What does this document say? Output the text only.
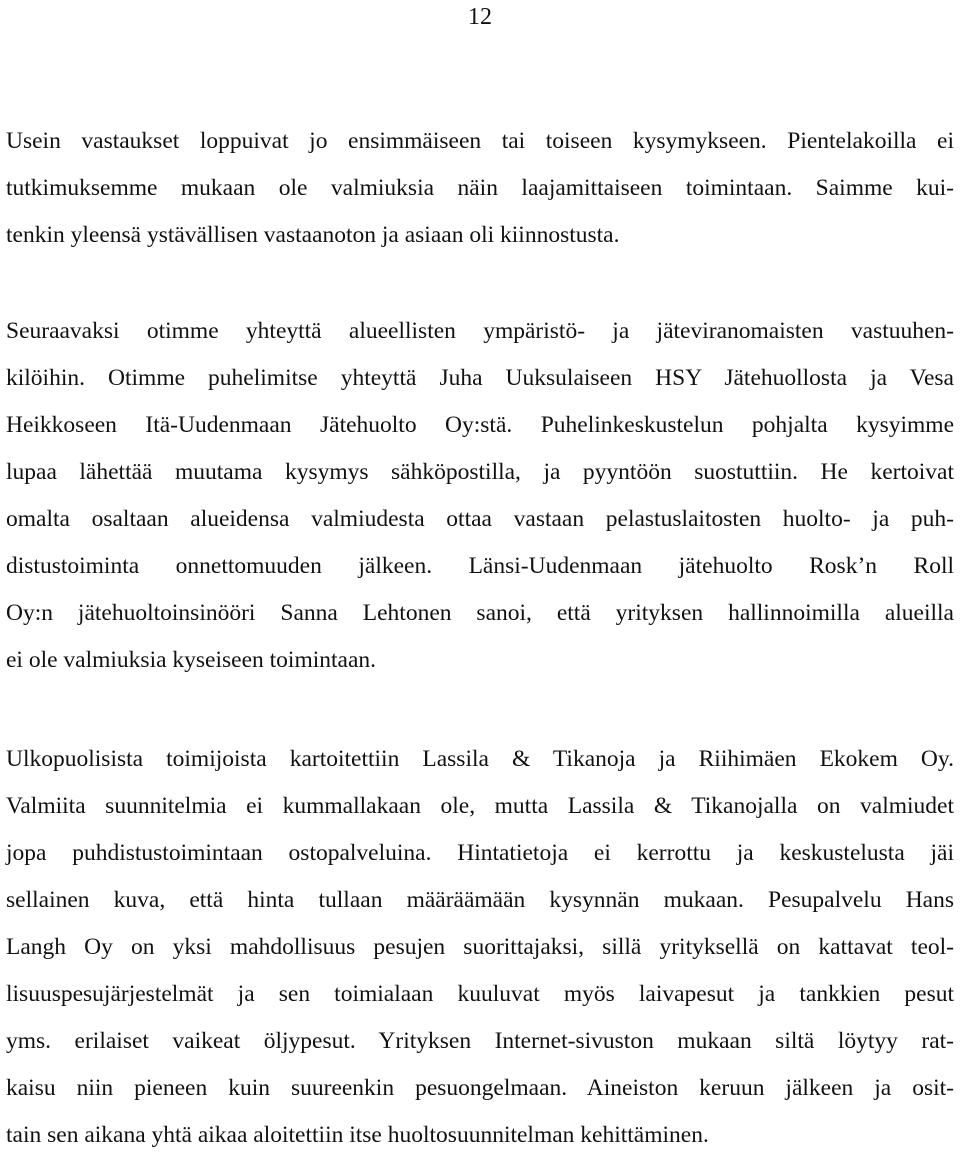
12
Usein vastaukset loppuivat jo ensimmäiseen tai toiseen kysymykseen. Pientelakoilla ei
tutkimuksemme mukaan ole valmiuksia näin laajamittaiseen toimintaan. Saimme kui-
tenkin yleensä ystävällisen vastaanoton ja asiaan oli kiinnostusta.
Seuraavaksi otimme yhteyttä alueellisten ympäristö- ja jäteviranomaisten vastuuhen-
kilöihin. Otimme puhelimitse yhteyttä Juha Uuksulaiseen HSY Jätehuollosta ja Vesa
Heikkoseen Itä-Uudenmaan Jätehuolto Oy:stä. Puhelinkeskustelun pohjalta kysyimme
lupaa lähettää muutama kysymys sähköpostilla, ja pyyntöön suostuttiin. He kertoivat
omalta osaltaan alueidensa valmiudesta ottaa vastaan pelastuslaitosten huolto- ja puh-
distustoiminta onnettomuuden jälkeen. Länsi-Uudenmaan jätehuolto Rosk’n Roll
Oy:n jätehuoltoinsinööri Sanna Lehtonen sanoi, että yrityksen hallinnoimilla alueilla
ei ole valmiuksia kyseiseen toimintaan.
Ulkopuolisista toimijoista kartoitettiin Lassila & Tikanoja ja Riihimäen Ekokem Oy.
Valmiita suunnitelmia ei kummallakaan ole, mutta Lassila & Tikanojalla on valmiudet
jopa puhdistustoimintaan ostopalveluina. Hintatietoja ei kerrottu ja keskustelusta jäi
sellainen kuva, että hinta tullaan määräämään kysynnän mukaan. Pesupalvelu Hans
Langh Oy on yksi mahdollisuus pesujen suorittajaksi, sillä yrityksellä on kattavat teol-
lisuuspesujärjestelmät ja sen toimialaan kuuluvat myös laivapesut ja tankkien pesut
yms. erilaiset vaikeat öljypesut. Yrityksen Internet-sivuston mukaan siltä löytyy rat-
kaisu niin pieneen kuin suureenkin pesuongelmaan. Aineiston keruun jälkeen ja osit-
tain sen aikana yhtä aikaa aloitettiin itse huoltosuunnitelman kehittäminen.
